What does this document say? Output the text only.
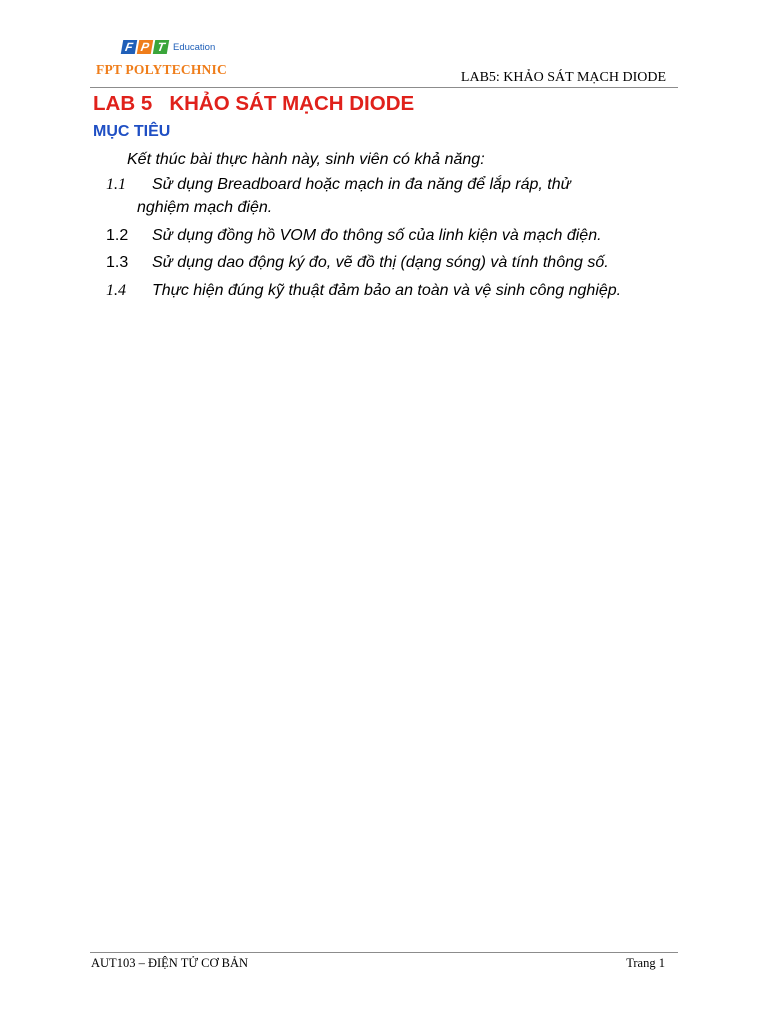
F P T Education
FPT POLYTECHNIC
LAB5: KHẢO SÁT MẠCH DIODE
LAB 5   KHẢO SÁT MẠCH DIODE
MỤC TIÊU
Kết thúc bài thực hành này, sinh viên có khả năng:
1.1 Sử dụng Breadboard hoặc mạch in đa năng để lắp ráp, thử
nghiệm mạch điện.
1.2 Sử dụng đồng hồ VOM đo thông số của linh kiện và mạch điện.
1.3 Sử dụng dao động ký đo, vẽ đồ thị (dạng sóng) và tính thông số.
1.4 Thực hiện đúng kỹ thuật đảm bảo an toàn và vệ sinh công nghiệp.
AUT103 – ĐIỆN TỬ CƠ BẢN	Trang 1
